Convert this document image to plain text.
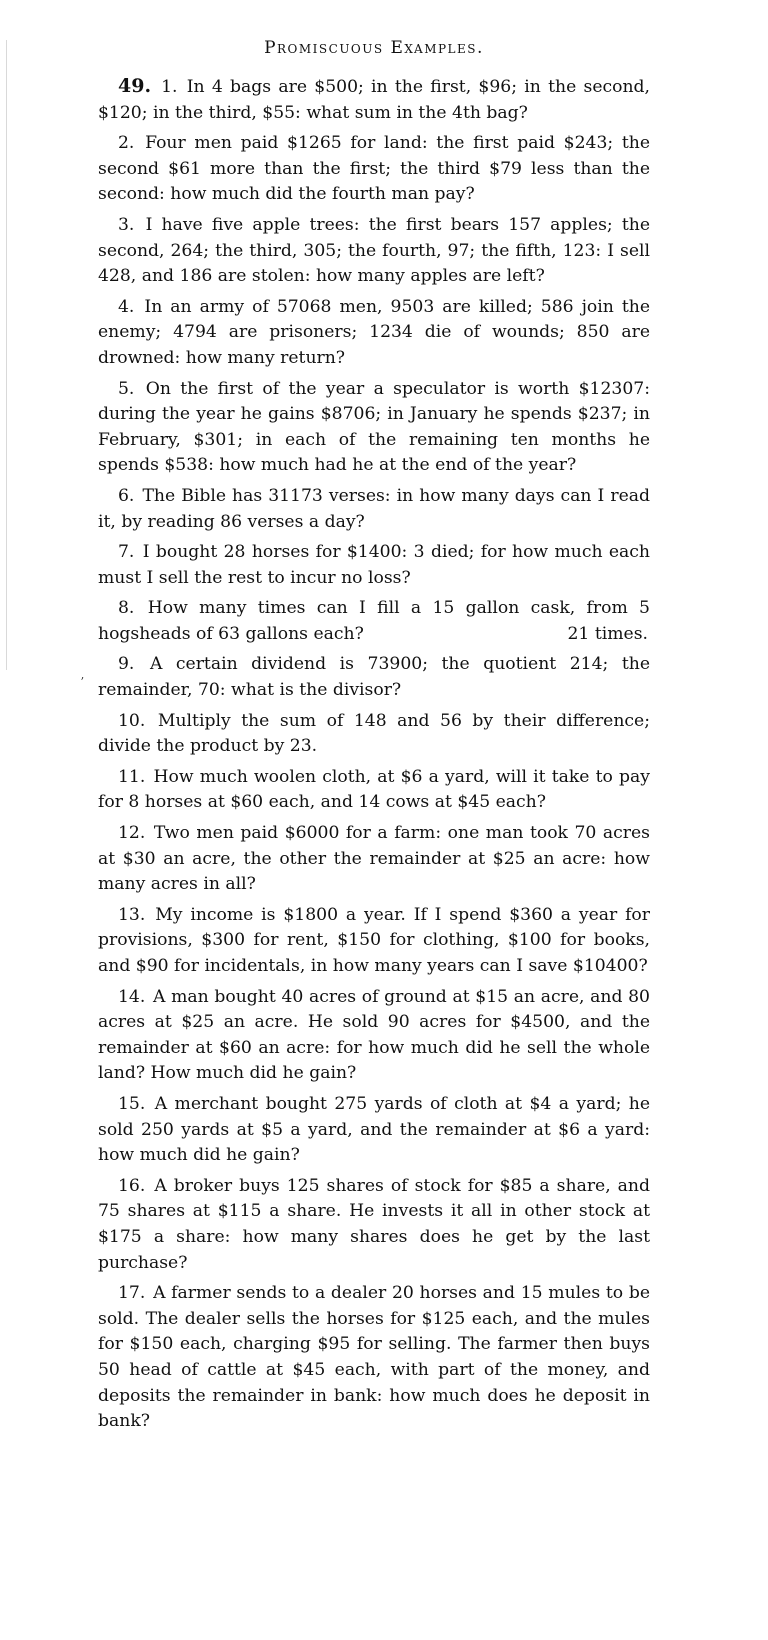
ʼ
Promiscuous Examples.

49. 1. In 4 bags are $500; in the first, $96; in the second, $120; in the third, $55: what sum in the 4th bag?

2. Four men paid $1265 for land: the first paid $243; the second $61 more than the first; the third $79 less than the second: how much did the fourth man pay?

3. I have five apple trees: the first bears 157 apples; the second, 264; the third, 305; the fourth, 97; the fifth, 123: I sell 428, and 186 are stolen: how many apples are left?

4. In an army of 57068 men, 9503 are killed; 586 join the enemy; 4794 are prisoners; 1234 die of wounds; 850 are drowned: how many return?

5. On the first of the year a speculator is worth $12307: during the year he gains $8706; in January he spends $237; in February, $301; in each of the remaining ten months he spends $538: how much had he at the end of the year?

6. The Bible has 31173 verses: in how many days can I read it, by reading 86 verses a day?

7. I bought 28 horses for $1400: 3 died; for how much each must I sell the rest to incur no loss?

8. How many times can I fill a 15 gallon cask, from 5 hogsheads of 63 gallons each?	21 times.

9. A certain dividend is 73900; the quotient 214; the remainder, 70: what is the divisor?

10. Multiply the sum of 148 and 56 by their difference; divide the product by 23.

11. How much woolen cloth, at $6 a yard, will it take to pay for 8 horses at $60 each, and 14 cows at $45 each?

12. Two men paid $6000 for a farm: one man took 70 acres at $30 an acre, the other the remainder at $25 an acre: how many acres in all?

13. My income is $1800 a year. If I spend $360 a year for provisions, $300 for rent, $150 for clothing, $100 for books, and $90 for incidentals, in how many years can I save $10400?

14. A man bought 40 acres of ground at $15 an acre, and 80 acres at $25 an acre. He sold 90 acres for $4500, and the remainder at $60 an acre: for how much did he sell the whole land? How much did he gain?

15. A merchant bought 275 yards of cloth at $4 a yard; he sold 250 yards at $5 a yard, and the remainder at $6 a yard: how much did he gain?

16. A broker buys 125 shares of stock for $85 a share, and 75 shares at $115 a share. He invests it all in other stock at $175 a share: how many shares does he get by the last purchase?

17. A farmer sends to a dealer 20 horses and 15 mules to be sold. The dealer sells the horses for $125 each, and the mules for $150 each, charging $95 for selling. The farmer then buys 50 head of cattle at $45 each, with part of the money, and deposits the remainder in bank: how much does he deposit in bank?
